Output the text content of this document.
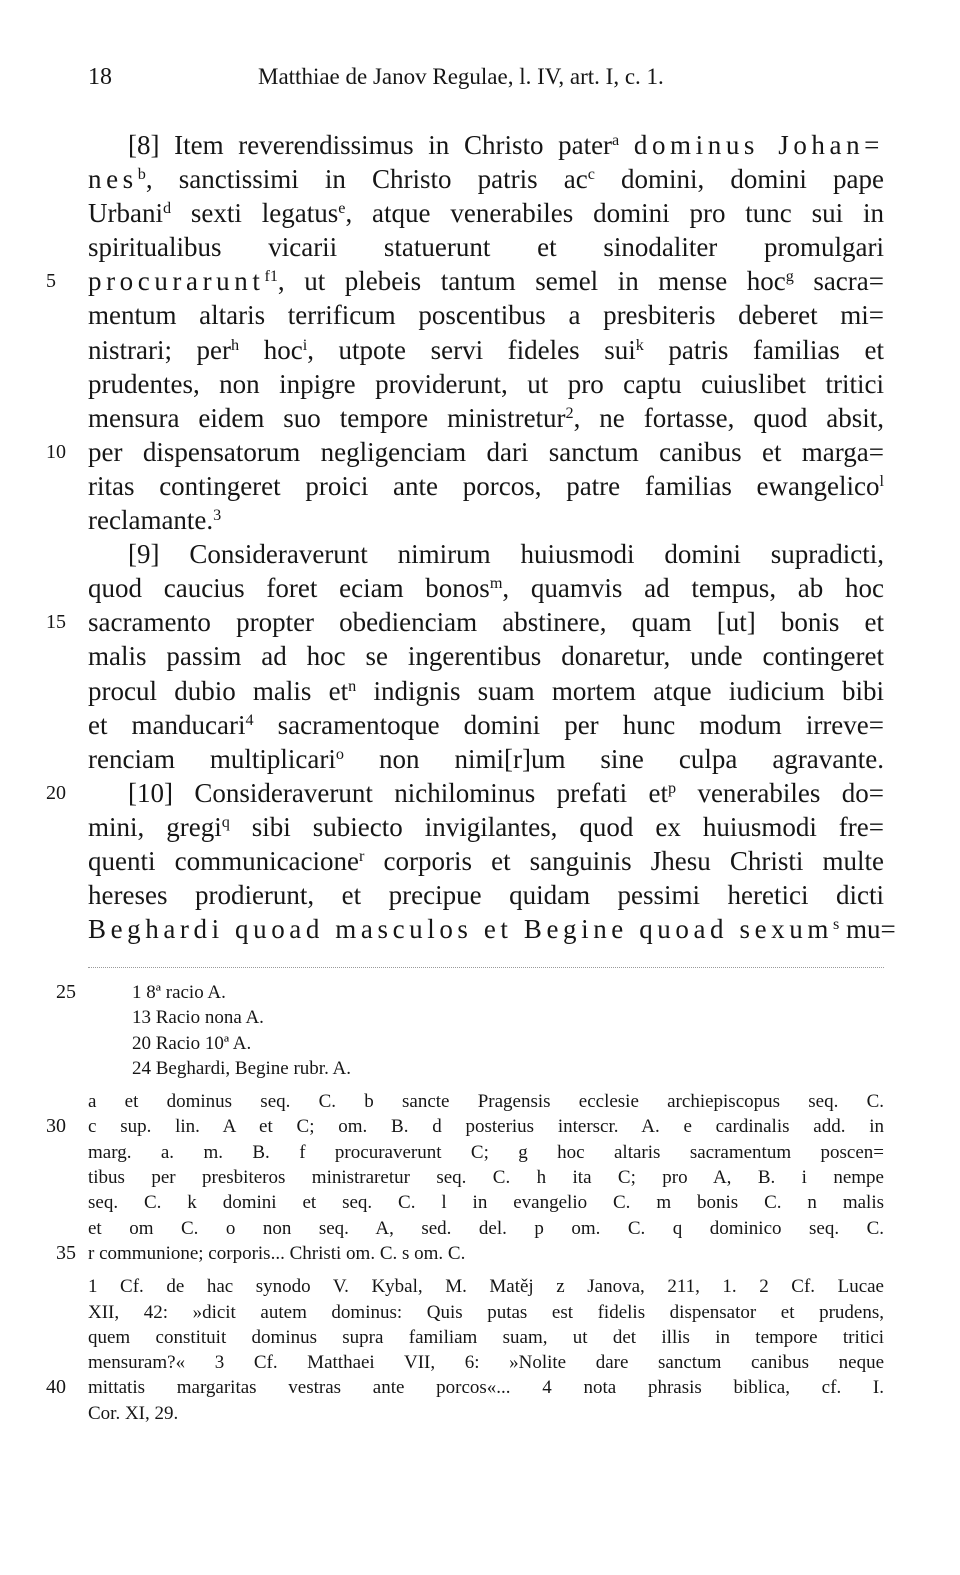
18	Matthiae de Janov Regulae, l. IV, art. I, c. 1.
[8] Item reverendissimus in Christo pater$^a$ dominus Johan=
nes$^b$, sanctissimi in Christo patris $ac^c$ domini, domini pape
Urbani$^d$ sexti legatus$^e$, atque venerabiles domini pro tunc sui in
spiritualibus vicarii statuerunt et sinodaliter promulgari
5	procurarunt$^{f1}$, ut plebeis tantum semel in mense hoc$^g$ sacra=
mentum altaris terrificum poscentibus a presbiteris deberet mi=
nistrari; per$^h$ hoc$^i$, utpote servi fideles sui$^k$ patris familias et
prudentes, non inpigre providerunt, ut pro captu cuiuslibet tritici
mensura eidem suo tempore ministretur$^2$, ne fortasse, quod absit,
10 per dispensatorum negligenciam dari sanctum canibus et marga=
ritas contingeret proici ante porcos, patre familias ewangelico$^l$
reclamante.$^3$
[9] Consideraverunt nimirum huiusmodi domini supradicti,
quod caucius foret eciam bonos$^m$, quamvis ad tempus, ab hoc
15 sacramento propter obedienciam abstinere, quam [ut] bonis et
malis passim ad hoc se ingerentibus donaretur, unde contingeret
procul dubio malis $et^n$ indignis suam mortem atque iudicium bibi
et manducari$^4$ sacramentoque domini per hunc modum irreve=
renciam multiplicari$^o$ non nimi[r]um sine culpa agravante.
20	[10] Consideraverunt nichilominus prefati $et^p$ venerabiles do=
mini, gregi$^q$ sibi subiecto invigilantes, quod ex huiusmodi fre=
quenti communicacione$^r$ corporis et sanguinis Jhesu Christi multe
hereses prodierunt, et precipue quidam pessimi heretici dicti
Beghardi quoad masculos et Begine quoad sexum$^s$ mu=
25	1 8ª racio A.
13 Racio nona A.
20 Racio 10ª A.
24 Beghardi, Begine rubr. A.
a et dominus seq. C. b sancte Pragensis ecclesie archiepiscopus seq. C.
30	c sup. lin. A et C; om. B. d posterius interscr. A. e cardinalis add. in
marg. a. m. B. f procuraverunt C; g hoc altaris sacramentum poscen=
tibus per presbiteros ministraretur seq. C. h ita C; pro A, B. i nempe
seq. C. k domini et seq. C. l in evangelio C. m bonis C. n malis
et om C. o non seq. A, sed. del. p om. C. q dominico seq. C.
35 r communione; corporis... Christi om. C. s om. C.
1 Cf. de hac synodo V. Kybal, M. Matěj z Janova, 211, 1. 2 Cf. Lucae
XII, 42: »dicit autem dominus: Quis putas est fidelis dispensator et prudens,
quem constituit dominus supra familiam suam, ut det illis in tempore tritici
mensuram?« 3 Cf. Matthaei VII, 6: »Nolite dare sanctum canibus neque
40	mittatis margaritas vestras ante porcos«... 4 nota phrasis biblica, cf. I.
Cor. XI, 29.
